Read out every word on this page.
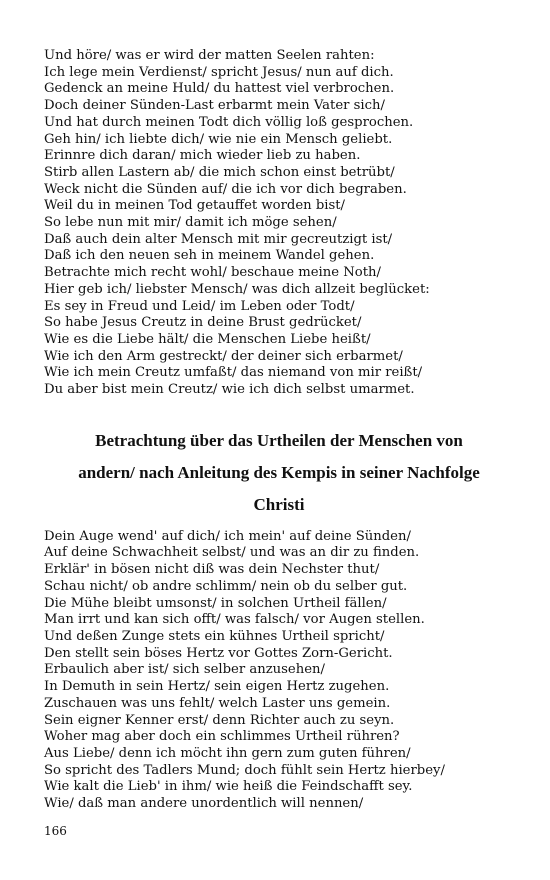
Und höre/ was er wird der matten Seelen rahten:
Ich lege mein Verdienst/ spricht Jesus/ nun auf dich.
Gedenck an meine Huld/ du hattest viel verbrochen.
Doch deiner Sünden-Last erbarmt mein Vater sich/
Und hat durch meinen Todt dich völlig loß gesprochen.
Geh hin/ ich liebte dich/ wie nie ein Mensch geliebt.
Erinnre dich daran/ mich wieder lieb zu haben.
Stirb allen Lastern ab/ die mich schon einst betrübt/
Weck nicht die Sünden auf/ die ich vor dich begraben.
Weil du in meinen Tod getauffet worden bist/
So lebe nun mit mir/ damit ich möge sehen/
Daß auch dein alter Mensch mit mir gecreutzigt ist/
Daß ich den neuen seh in meinem Wandel gehen.
Betrachte mich recht wohl/ beschaue meine Noth/
Hier geb ich/ liebster Mensch/ was dich allzeit beglücket:
Es sey in Freud und Leid/ im Leben oder Todt/
So habe Jesus Creutz in deine Brust gedrücket/
Wie es die Liebe hält/ die Menschen Liebe heißt/
Wie ich den Arm gestreckt/ der deiner sich erbarmet/
Wie ich mein Creutz umfaßt/ das niemand von mir reißt/
Du aber bist mein Creutz/ wie ich dich selbst umarmet.
Betrachtung über das Urtheilen der Menschen von
andern/ nach Anleitung des Kempis in seiner Nachfolge
Christi
Dein Auge wend' auf dich/ ich mein' auf deine Sünden/
Auf deine Schwachheit selbst/ und was an dir zu finden.
Erklär' in bösen nicht diß was dein Nechster thut/
Schau nicht/ ob andre schlimm/ nein ob du selber gut.
Die Mühe bleibt umsonst/ in solchen Urtheil fällen/
Man irrt und kan sich offt/ was falsch/ vor Augen stellen.
Und deßen Zunge stets ein kühnes Urtheil spricht/
Den stellt sein böses Hertz vor Gottes Zorn-Gericht.
Erbaulich aber ist/ sich selber anzusehen/
In Demuth in sein Hertz/ sein eigen Hertz zugehen.
Zuschauen was uns fehlt/ welch Laster uns gemein.
Sein eigner Kenner erst/ denn Richter auch zu seyn.
Woher mag aber doch ein schlimmes Urtheil rühren?
Aus Liebe/ denn ich möcht ihn gern zum guten führen/
So spricht des Tadlers Mund; doch fühlt sein Hertz hierbey/
Wie kalt die Lieb' in ihm/ wie heiß die Feindschafft sey.
Wie/ daß man andere unordentlich will nennen/
166
